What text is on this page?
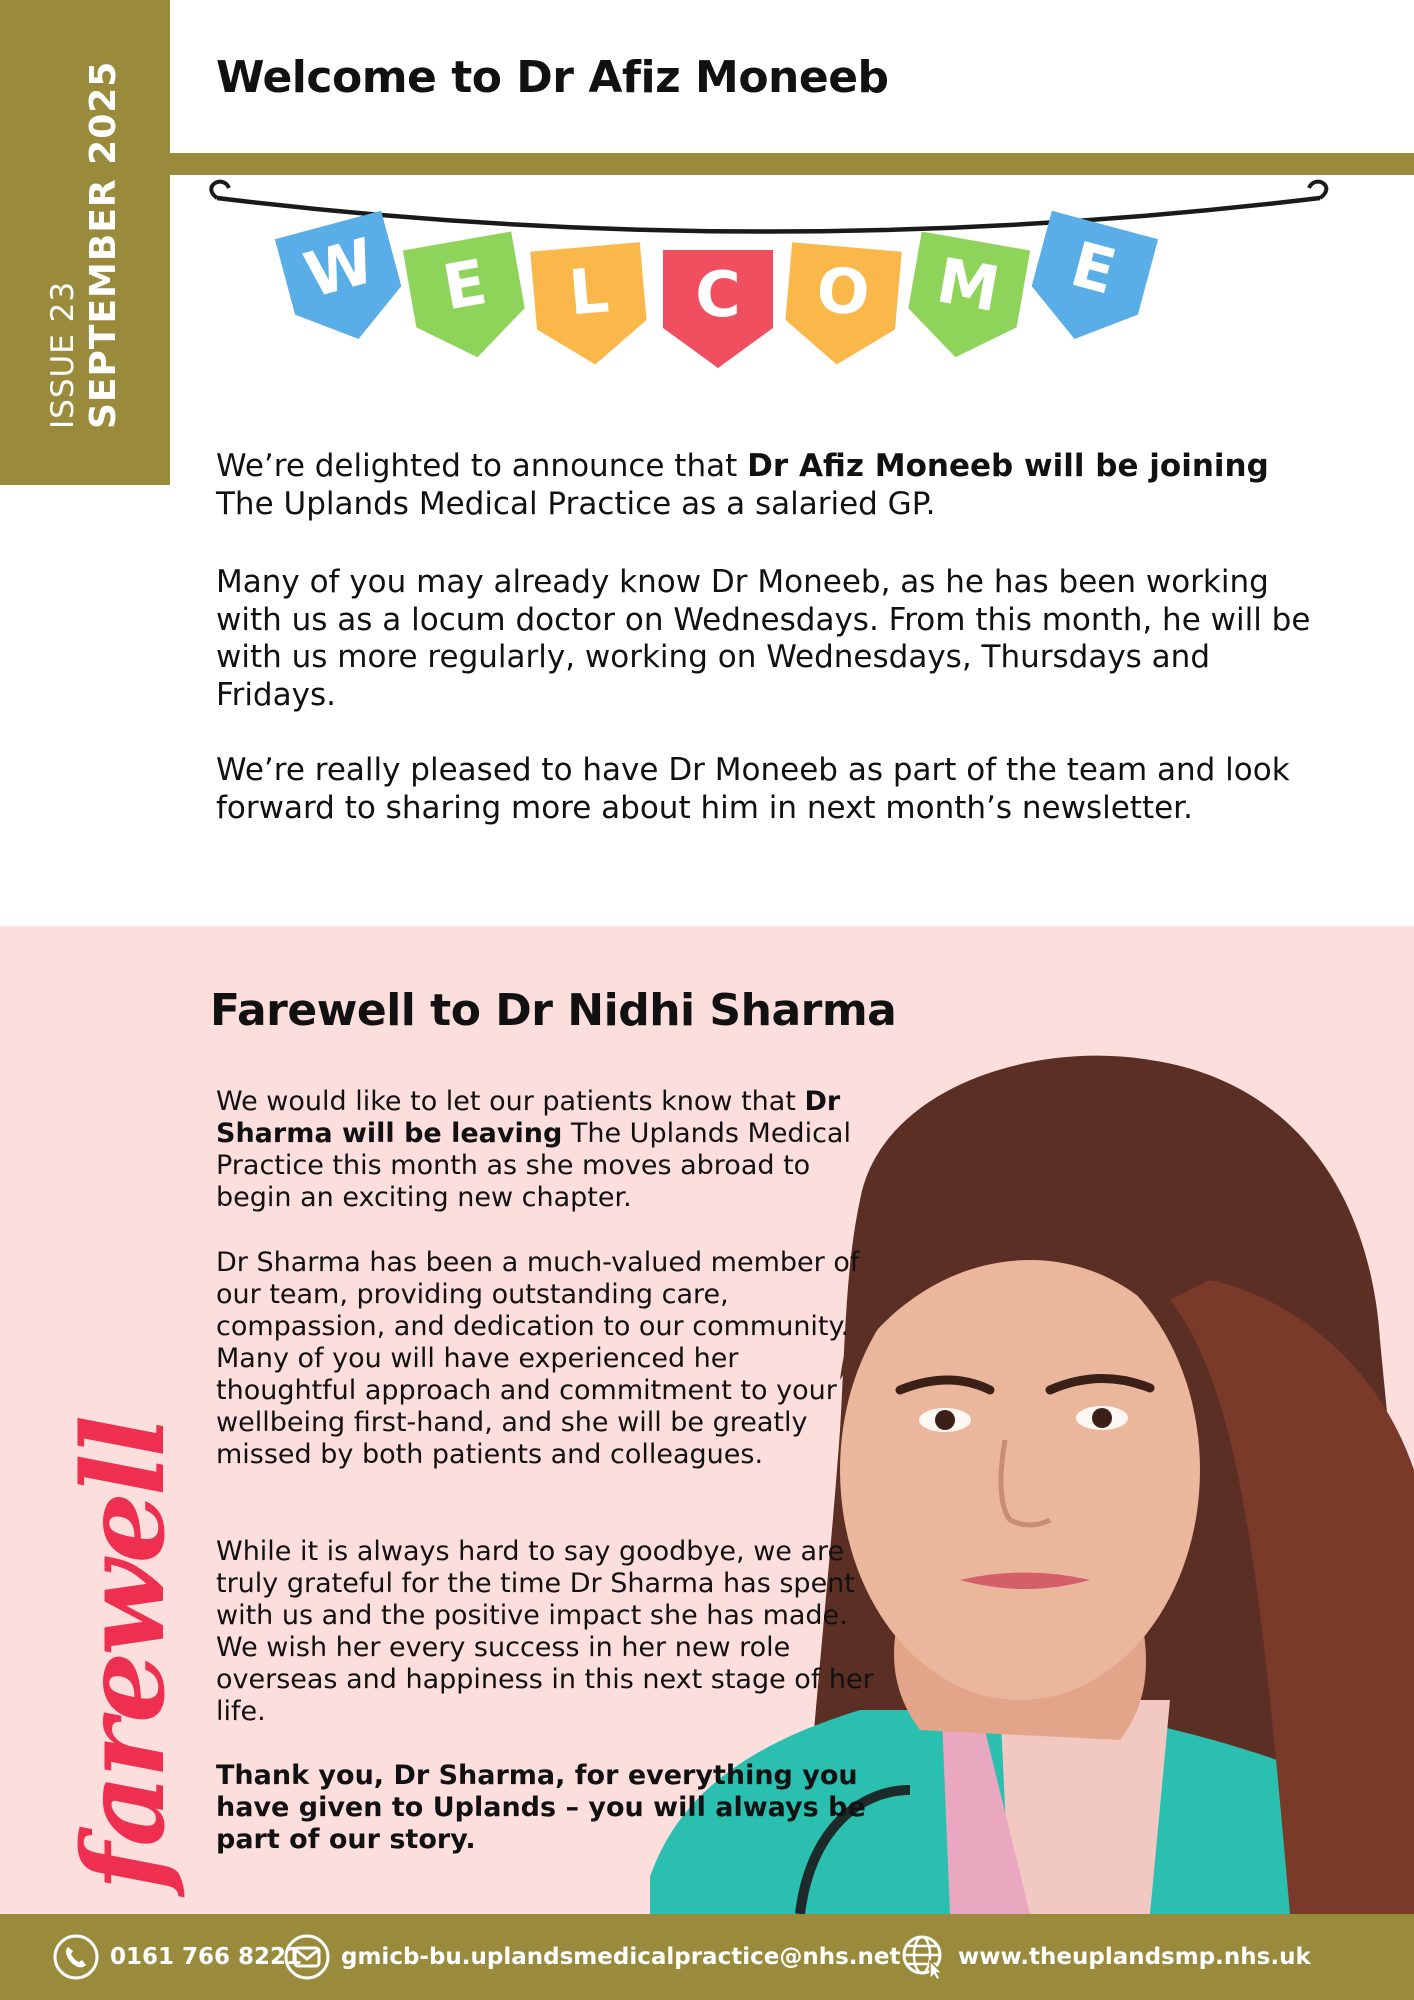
ISSUE 23 SEPTEMBER 2025 Welcome to Dr Afiz Moneeb
W E L C O M E

We’re delighted to announce that Dr Afiz Moneeb will be joining The Uplands Medical Practice as a salaried GP.

Many of you may already know Dr Moneeb, as he has been working with us as a locum doctor on Wednesdays. From this month, he will be with us more regularly, working on Wednesdays, Thursdays and Fridays.

We’re really pleased to have Dr Moneeb as part of the team and look forward to sharing more about him in next month’s newsletter.

Farewell to Dr Nidhi Sharma

We would like to let our patients know that Dr Sharma will be leaving The Uplands Medical Practice this month as she moves abroad to begin an exciting new chapter.

Dr Sharma has been a much-valued member of our team, providing outstanding care, compassion, and dedication to our community. Many of you will have experienced her thoughtful approach and commitment to your wellbeing first-hand, and she will be greatly missed by both patients and colleagues.

While it is always hard to say goodbye, we are truly grateful for the time Dr Sharma has spent with us and the positive impact she has made. We wish her every success in her new role overseas and happiness in this next stage of her life.

Thank you, Dr Sharma, for everything you have given to Uplands – you will always be part of our story.

farewell
0161 766 8221 gmicb-bu.uplandsmedicalpractice@nhs.net	www.theuplandsmp.nhs.uk
